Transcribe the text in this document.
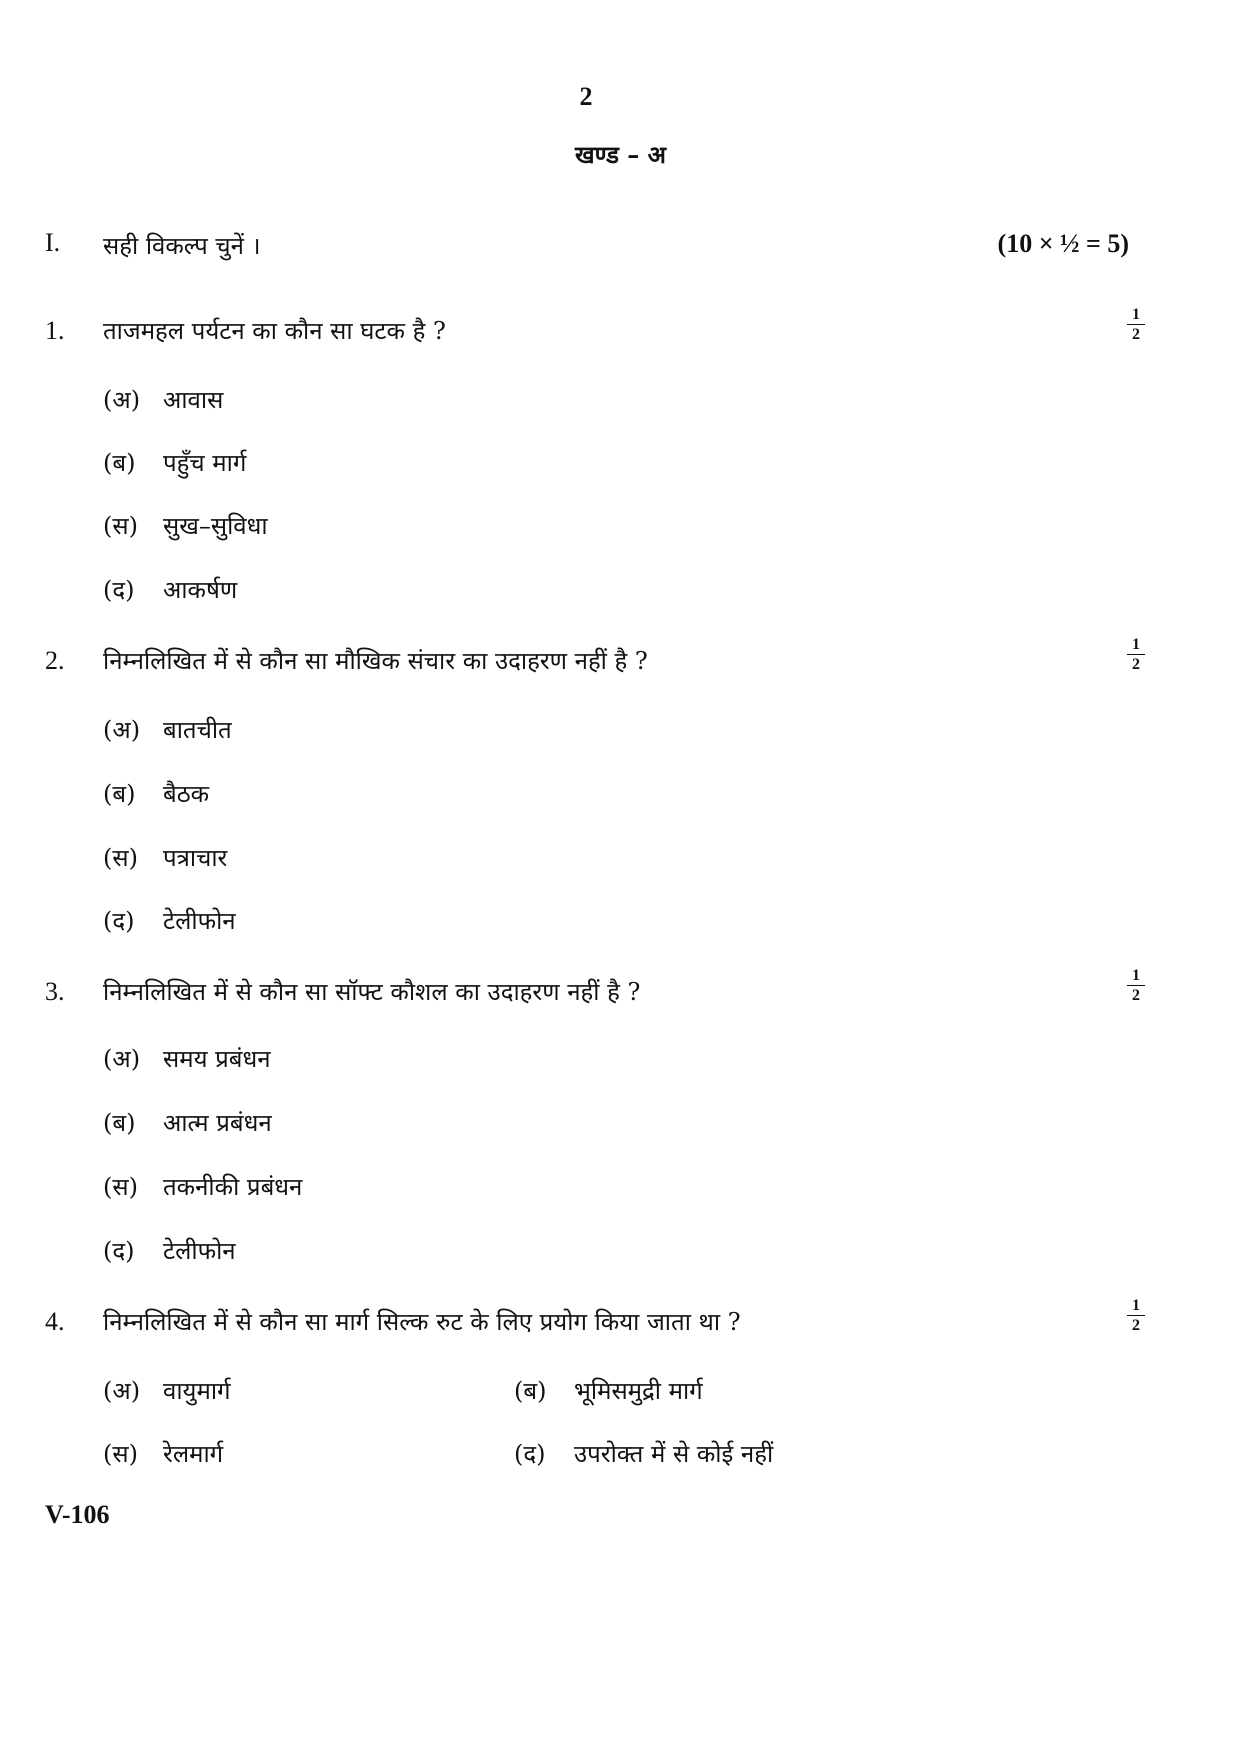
2
खण्ड – अ
I. सही विकल्प चुनें ।	(10 × ½ = 5)
1. ताजमहल पर्यटन का कौन सा घटक है ?
1
2
(अ) आवास
(ब) पहुँच मार्ग
(स) सुख–सुविधा
(द) आकर्षण
2. निम्नलिखित में से कौन सा मौखिक संचार का उदाहरण नहीं है ?
1
2
(अ) बातचीत
(ब) बैठक
(स) पत्राचार
(द) टेलीफोन
3. निम्नलिखित में से कौन सा सॉफ्ट कौशल का उदाहरण नहीं है ?
1
2
(अ) समय प्रबंधन
(ब) आत्म प्रबंधन
(स) तकनीकी प्रबंधन
(द) टेलीफोन
4. निम्नलिखित में से कौन सा मार्ग सिल्क रुट के लिए प्रयोग किया जाता था ?
1
2
(अ) वायुमार्ग	(ब) भूमिसमुद्री मार्ग
(स) रेलमार्ग	(द) उपरोक्त में से कोई नहीं
V-106
